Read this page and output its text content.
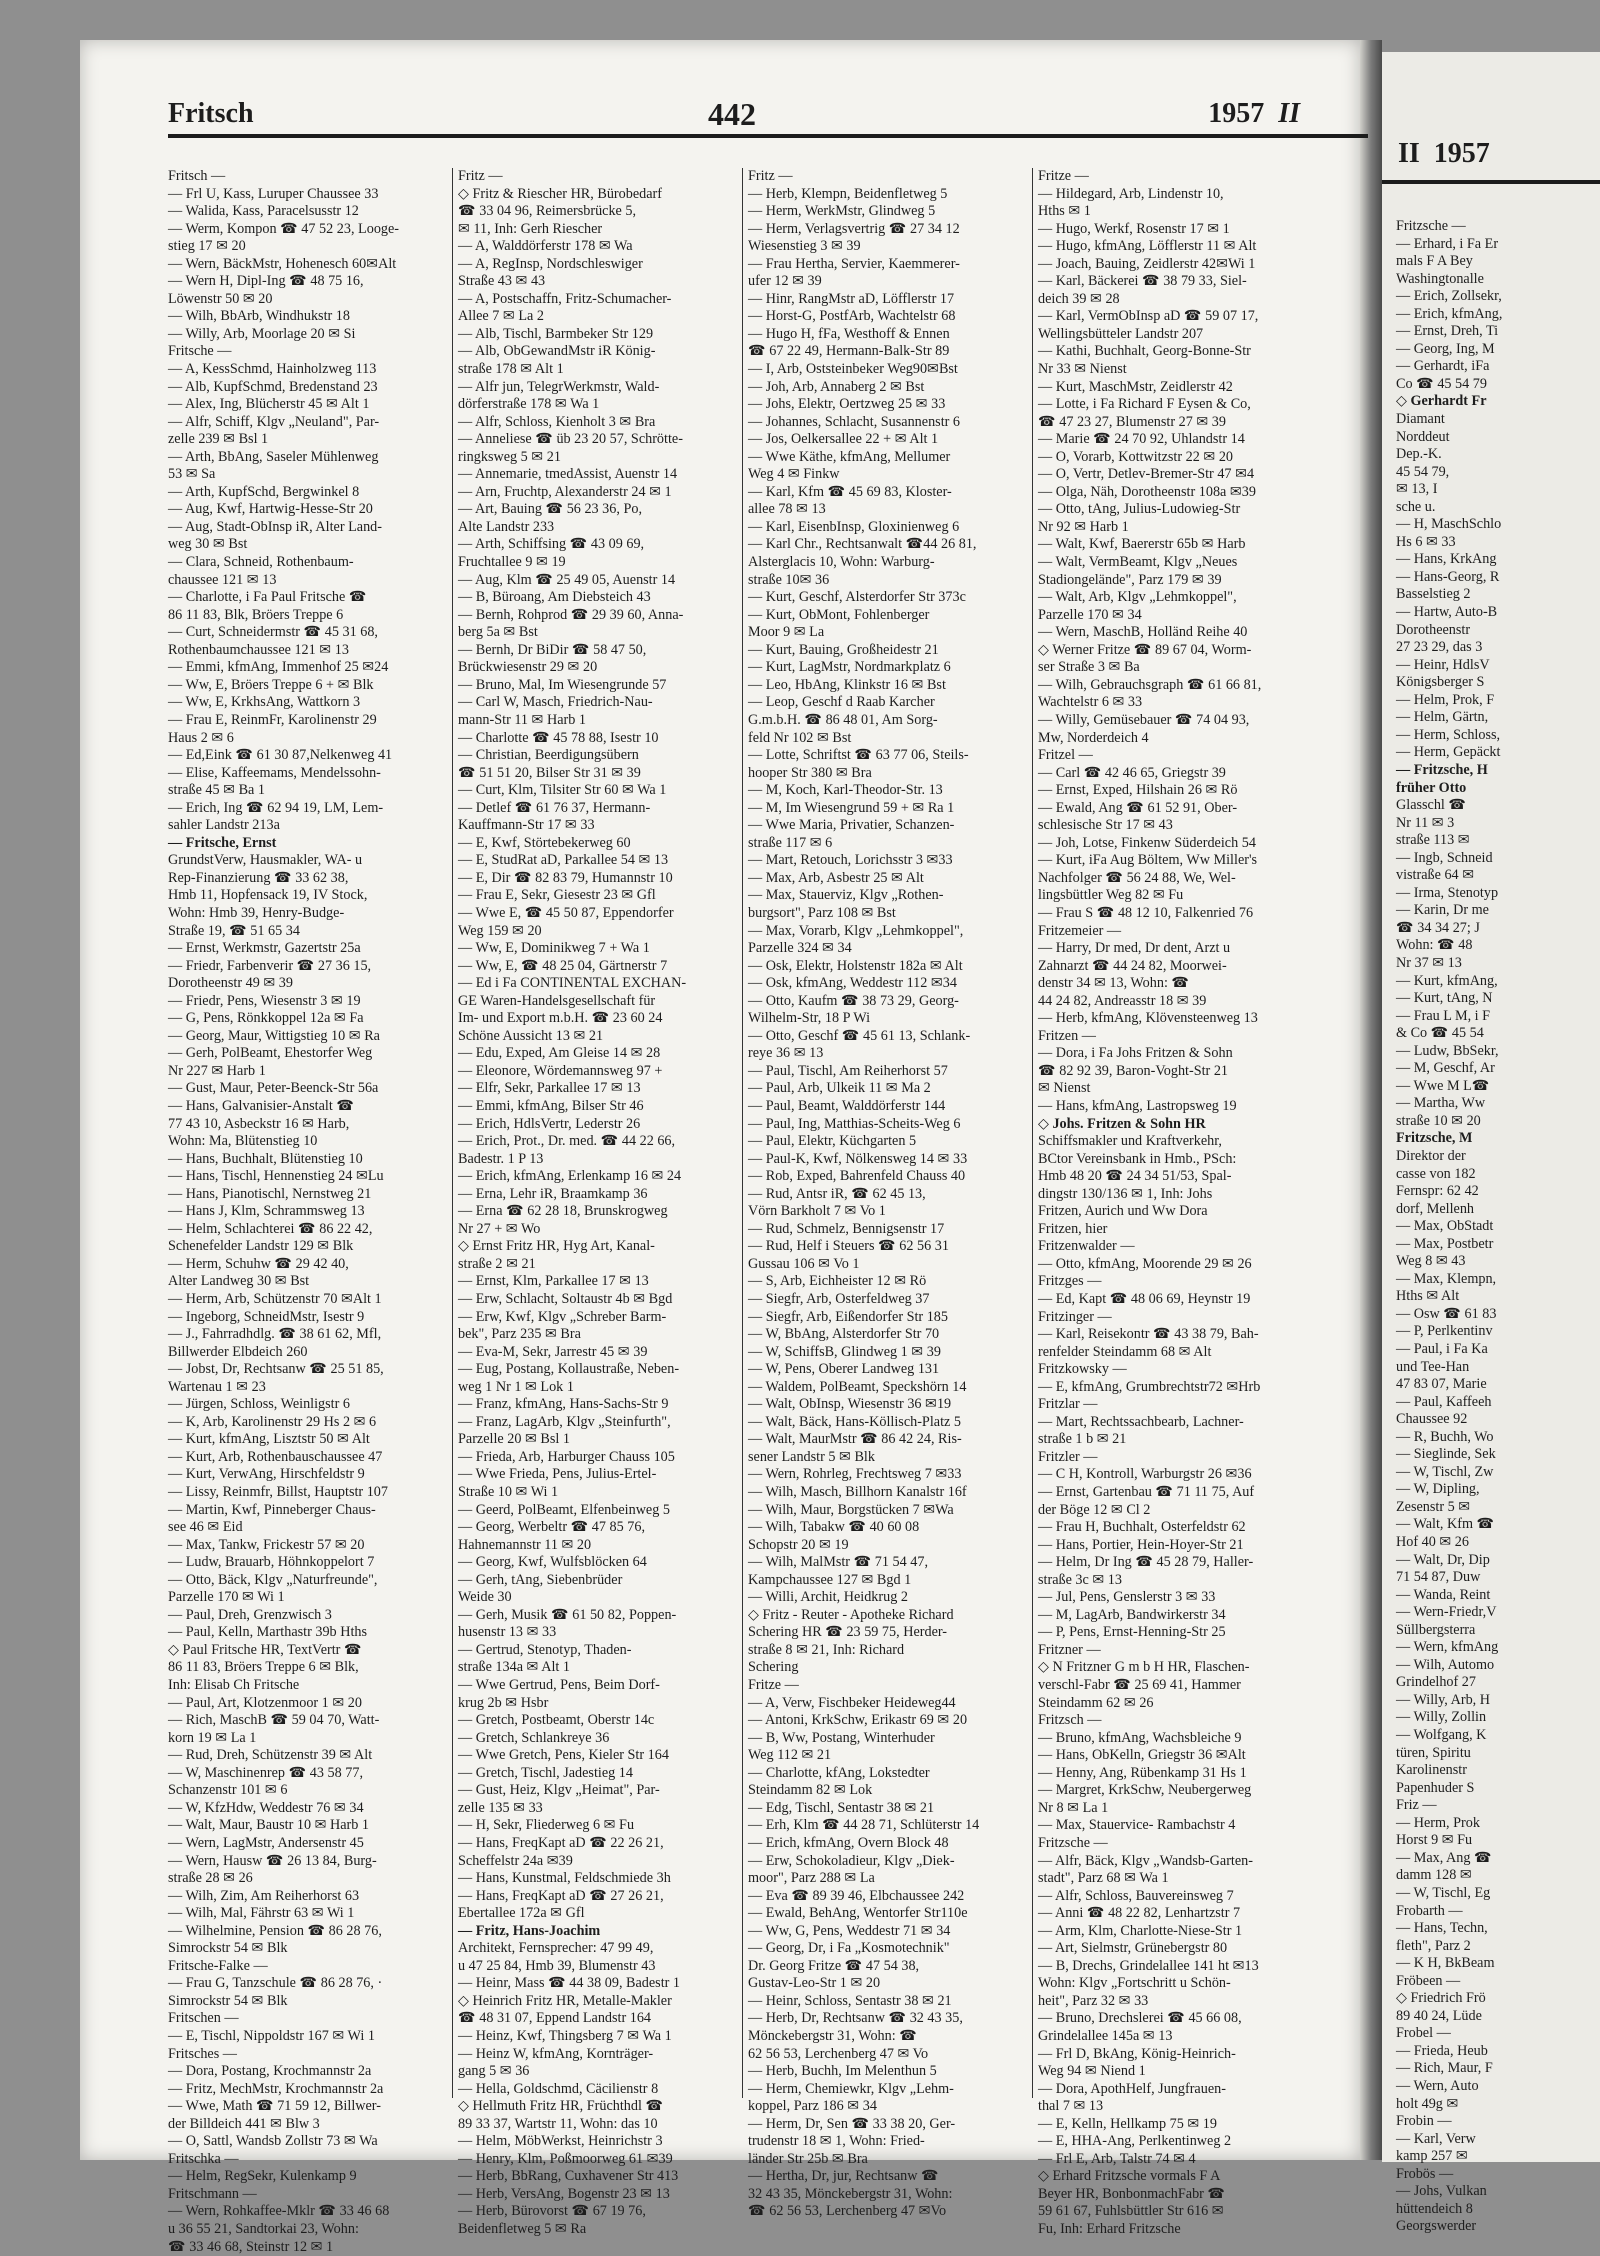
II 1957
Fritzsche —
— Erhard, i Fa Er
mals F A Bey
Washingtonalle
— Erich, Zollsekr,
— Erich, kfmAng,
— Ernst, Dreh, Ti
— Georg, Ing, M
— Gerhardt, iFa
Co ☎ 45 54 79
◇ Gerhardt Fr
Diamant
Norddeut
Dep.-K.
45 54 79,
✉ 13, I
sche u.
— H, MaschSchlo
Hs 6 ✉ 33
— Hans, KrkAng
— Hans-Georg, R
Basselstieg 2
— Hartw, Auto-B
Dorotheenstr
27 23 29, das 3
— Heinr, HdlsV
Königsberger S
— Helm, Prok, F
— Helm, Gärtn,
— Herm, Schloss,
— Herm, Gepäckt
— Fritzsche, H
früher Otto
Glasschl ☎
Nr 11 ✉ 3
straße 113 ✉
— Ingb, Schneid
vistraße 64 ✉
— Irma, Stenotyp
— Karin, Dr me
☎ 34 34 27; J
Wohn: ☎ 48
Nr 37 ✉ 13
— Kurt, kfmAng,
— Kurt, tAng, N
— Frau L M, i F
& Co ☎ 45 54
— Ludw, BbSekr,
— M, Geschf, Ar
— Wwe M L☎
— Martha, Ww
straße 10 ✉ 20
Fritzsche, M
Direktor der
casse von 182
Fernspr: 62 42
dorf, Mellenh
— Max, ObStadt
— Max, Postbetr
Weg 8 ✉ 43
— Max, Klempn,
Hths ✉ Alt
— Osw ☎ 61 83
— P, Perlkentinv
— Paul, i Fa Ka
und Tee-Han
47 83 07, Marie
— Paul, Kaffeeh
Chaussee 92
— R, Buchh, Wo
— Sieglinde, Sek
— W, Tischl, Zw
— W, Dipling,
Zesenstr 5 ✉
— Walt, Kfm ☎
Hof 40 ✉ 26
— Walt, Dr, Dip
71 54 87, Duw
— Wanda, Reint
— Wern-Friedr,V
Süllbergsterra
— Wern, kfmAng
— Wilh, Automo
Grindelhof 27
— Willy, Arb, H
— Willy, Zollin
— Wolfgang, K
türen, Spiritu
Karolinenstr
Papenhuder S
Friz —
— Herm, Prok
Horst 9 ✉ Fu
— Max, Ang ☎
damm 128 ✉
— W, Tischl, Eg
Frobarth —
— Hans, Techn,
fleth", Parz 2
— K H, BkBeam
Fröbeen —
◇ Friedrich Frö
89 40 24, Lüde
Frobel —
— Frieda, Heub
— Rich, Maur, F
— Wern, Auto
holt 49g ✉
Frobin —
— Karl, Verw
kamp 257 ✉
Frobös —
— Johs, Vulkan
hüttendeich 8
Georgswerder
Fritsch	442	1957 II
Fritsch —
— Frl U, Kass, Luruper Chaussee 33
— Walida, Kass, Paracelsusstr 12
— Werm, Kompon ☎ 47 52 23, Looge-
stieg 17 ✉ 20
— Wern, BäckMstr, Hohenesch 60✉Alt
— Wern H, Dipl-Ing ☎ 48 75 16,
Löwenstr 50 ✉ 20
— Wilh, BbArb, Windhukstr 18
— Willy, Arb, Moorlage 20 ✉ Si
Fritsche —
— A, KessSchmd, Hainholzweg 113
— Alb, KupfSchmd, Bredenstand 23
— Alex, Ing, Blücherstr 45 ✉ Alt 1
— Alfr, Schiff, Klgv „Neuland", Par-
zelle 239 ✉ Bsl 1
— Arth, BbAng, Saseler Mühlenweg
53 ✉ Sa
— Arth, KupfSchd, Bergwinkel 8
— Aug, Kwf, Hartwig-Hesse-Str 20
— Aug, Stadt-ObInsp iR, Alter Land-
weg 30 ✉ Bst
— Clara, Schneid, Rothenbaum-
chaussee 121 ✉ 13
— Charlotte, i Fa Paul Fritsche ☎
86 11 83, Blk, Bröers Treppe 6
— Curt, Schneidermstr ☎ 45 31 68,
Rothenbaumchaussee 121 ✉ 13
— Emmi, kfmAng, Immenhof 25 ✉24
— Ww, E, Bröers Treppe 6 + ✉ Blk
— Ww, E, KrkhsAng, Wattkorn 3
— Frau E, ReinmFr, Karolinenstr 29
Haus 2 ✉ 6
— Ed,Eink ☎ 61 30 87,Nelkenweg 41
— Elise, Kaffeemams, Mendelssohn-
straße 45 ✉ Ba 1
— Erich, Ing ☎ 62 94 19, LM, Lem-
sahler Landstr 213a
— Fritsche, Ernst
GrundstVerw, Hausmakler, WA- u
Rep-Finanzierung ☎ 33 62 38,
Hmb 11, Hopfensack 19, IV Stock,
Wohn: Hmb 39, Henry-Budge-
Straße 19, ☎ 51 65 34
— Ernst, Werkmstr, Gazertstr 25a
— Friedr, Farbenverir ☎ 27 36 15,
Dorotheenstr 49 ✉ 39
— Friedr, Pens, Wiesenstr 3 ✉ 19
— G, Pens, Rönkkoppel 12a ✉ Fa
— Georg, Maur, Wittigstieg 10 ✉ Ra
— Gerh, PolBeamt, Ehestorfer Weg
Nr 227 ✉ Harb 1
— Gust, Maur, Peter-Beenck-Str 56a
— Hans, Galvanisier-Anstalt ☎
77 43 10, Asbeckstr 16 ✉ Harb,
Wohn: Ma, Blütenstieg 10
— Hans, Buchhalt, Blütenstieg 10
— Hans, Tischl, Hennenstieg 24 ✉Lu
— Hans, Pianotischl, Nernstweg 21
— Hans J, Klm, Schrammsweg 13
— Helm, Schlachterei ☎ 86 22 42,
Schenefelder Landstr 129 ✉ Blk
— Herm, Schuhw ☎ 29 42 40,
Alter Landweg 30 ✉ Bst
— Herm, Arb, Schützenstr 70 ✉Alt 1
— Ingeborg, SchneidMstr, Isestr 9
— J., Fahrradhdlg. ☎ 38 61 62, Mfl,
Billwerder Elbdeich 260
— Jobst, Dr, Rechtsanw ☎ 25 51 85,
Wartenau 1 ✉ 23
— Jürgen, Schloss, Weinligstr 6
— K, Arb, Karolinenstr 29 Hs 2 ✉ 6
— Kurt, kfmAng, Lisztstr 50 ✉ Alt
— Kurt, Arb, Rothenbauschaussee 47
— Kurt, VerwAng, Hirschfeldstr 9
— Lissy, Reinmfr, Billst, Hauptstr 107
— Martin, Kwf, Pinneberger Chaus-
see 46 ✉ Eid
— Max, Tankw, Frickestr 57 ✉ 20
— Ludw, Brauarb, Höhnkoppelort 7
— Otto, Bäck, Klgv „Naturfreunde",
Parzelle 170 ✉ Wi 1
— Paul, Dreh, Grenzwisch 3
— Paul, Kelln, Marthastr 39b Hths
◇ Paul Fritsche HR, TextVertr ☎
86 11 83, Bröers Treppe 6 ✉ Blk,
Inh: Elisab Ch Fritsche
— Paul, Art, Klotzenmoor 1 ✉ 20
— Rich, MaschB ☎ 59 04 70, Watt-
korn 19 ✉ La 1
— Rud, Dreh, Schützenstr 39 ✉ Alt
— W, Maschinenrep ☎ 43 58 77,
Schanzenstr 101 ✉ 6
— W, KfzHdw, Weddestr 76 ✉ 34
— Walt, Maur, Baustr 10 ✉ Harb 1
— Wern, LagMstr, Andersenstr 45
— Wern, Hausw ☎ 26 13 84, Burg-
straße 28 ✉ 26
— Wilh, Zim, Am Reiherhorst 63
— Wilh, Mal, Fährstr 63 ✉ Wi 1
— Wilhelmine, Pension ☎ 86 28 76,
Simrockstr 54 ✉ Blk
Fritsche-Falke —
— Frau G, Tanzschule ☎ 86 28 76, ·
Simrockstr 54 ✉ Blk
Fritschen —
— E, Tischl, Nippoldstr 167 ✉ Wi 1
Fritsches —
— Dora, Postang, Krochmannstr 2a
— Fritz, MechMstr, Krochmannstr 2a
— Wwe, Math ☎ 71 59 12, Billwer-
der Billdeich 441 ✉ Blw 3
— O, Sattl, Wandsb Zollstr 73 ✉ Wa
Fritschka —
— Helm, RegSekr, Kulenkamp 9
Fritschmann —
— Wern, Rohkaffee-Mklr ☎ 33 46 68
u 36 55 21, Sandtorkai 23, Wohn:
☎ 33 46 68, Steinstr 12 ✉ 1
Fritz —
◇ Fritz & Riescher HR, Bürobedarf
☎ 33 04 96, Reimersbrücke 5,
✉ 11, Inh: Gerh Riescher
— A, Walddörferstr 178 ✉ Wa
— A, RegInsp, Nordschleswiger
Straße 43 ✉ 43
— A, Postschaffn, Fritz-Schumacher-
Allee 7 ✉ La 2
— Alb, Tischl, Barmbeker Str 129
— Alb, ObGewandMstr iR König-
straße 178 ✉ Alt 1
— Alfr jun, TelegrWerkmstr, Wald-
dörferstraße 178 ✉ Wa 1
— Alfr, Schloss, Kienholt 3 ✉ Bra
— Anneliese ☎ üb 23 20 57, Schrötte-
ringksweg 5 ✉ 21
— Annemarie, tmedAssist, Auenstr 14
— Arn, Fruchtp, Alexanderstr 24 ✉ 1
— Art, Bauing ☎ 56 23 36, Po,
Alte Landstr 233
— Arth, Schiffsing ☎ 43 09 69,
Fruchtallee 9 ✉ 19
— Aug, Klm ☎ 25 49 05, Auenstr 14
— B, Büroang, Am Diebsteich 43
— Bernh, Rohprod ☎ 29 39 60, Anna-
berg 5a ✉ Bst
— Bernh, Dr BiDir ☎ 58 47 50,
Brückwiesenstr 29 ✉ 20
— Bruno, Mal, Im Wiesengrunde 57
— Carl W, Masch, Friedrich-Nau-
mann-Str 11 ✉ Harb 1
— Charlotte ☎ 45 78 88, Isestr 10
— Christian, Beerdigungsübern
☎ 51 51 20, Bilser Str 31 ✉ 39
— Curt, Klm, Tilsiter Str 60 ✉ Wa 1
— Detlef ☎ 61 76 37, Hermann-
Kauffmann-Str 17 ✉ 33
— E, Kwf, Störtebekerweg 60
— E, StudRat aD, Parkallee 54 ✉ 13
— E, Dir ☎ 82 83 79, Humannstr 10
— Frau E, Sekr, Giesestr 23 ✉ Gfl
— Wwe E, ☎ 45 50 87, Eppendorfer
Weg 159 ✉ 20
— Ww, E, Dominikweg 7 + Wa 1
— Ww, E, ☎ 48 25 04, Gärtnerstr 7
— Ed i Fa CONTINENTAL EXCHAN-
GE Waren-Handelsgesellschaft für
Im- und Export m.b.H. ☎ 23 60 24
Schöne Aussicht 13 ✉ 21
— Edu, Exped, Am Gleise 14 ✉ 28
— Eleonore, Wördemannsweg 97 +
— Elfr, Sekr, Parkallee 17 ✉ 13
— Emmi, kfmAng, Bilser Str 46
— Erich, HdlsVertr, Lederstr 26
— Erich, Prot., Dr. med. ☎ 44 22 66,
Badestr. 1 P 13
— Erich, kfmAng, Erlenkamp 16 ✉ 24
— Erna, Lehr iR, Braamkamp 36
— Erna ☎ 62 28 18, Brunskrogweg
Nr 27 + ✉ Wo
◇ Ernst Fritz HR, Hyg Art, Kanal-
straße 2 ✉ 21
— Ernst, Klm, Parkallee 17 ✉ 13
— Erw, Schlacht, Soltaustr 4b ✉ Bgd
— Erw, Kwf, Klgv „Schreber Barm-
bek", Parz 235 ✉ Bra
— Eva-M, Sekr, Jarrestr 45 ✉ 39
— Eug, Postang, Kollaustraße, Neben-
weg 1 Nr 1 ✉ Lok 1
— Franz, kfmAng, Hans-Sachs-Str 9
— Franz, LagArb, Klgv „Steinfurth",
Parzelle 20 ✉ Bsl 1
— Frieda, Arb, Harburger Chauss 105
— Wwe Frieda, Pens, Julius-Ertel-
Straße 10 ✉ Wi 1
— Geerd, PolBeamt, Elfenbeinweg 5
— Georg, Werbeltr ☎ 47 85 76,
Hahnemannstr 11 ✉ 20
— Georg, Kwf, Wulfsblöcken 64
— Gerh, tAng, Siebenbrüder
Weide 30
— Gerh, Musik ☎ 61 50 82, Poppen-
husenstr 13 ✉ 33
— Gertrud, Stenotyp, Thaden-
straße 134a ✉ Alt 1
— Wwe Gertrud, Pens, Beim Dorf-
krug 2b ✉ Hsbr
— Gretch, Postbeamt, Oberstr 14c
— Gretch, Schlankreye 36
— Wwe Gretch, Pens, Kieler Str 164
— Gretch, Tischl, Jadestieg 14
— Gust, Heiz, Klgv „Heimat", Par-
zelle 135 ✉ 33
— H, Sekr, Fliederweg 6 ✉ Fu
— Hans, FreqKapt aD ☎ 22 26 21,
Scheffelstr 24a ✉39
— Hans, Kunstmal, Feldschmiede 3h
— Hans, FreqKapt aD ☎ 27 26 21,
Ebertallee 172a ✉ Gfl
— Fritz, Hans-Joachim
Architekt, Fernsprecher: 47 99 49,
u 47 25 84, Hmb 39, Blumenstr 43
— Heinr, Mass ☎ 44 38 09, Badestr 1
◇ Heinrich Fritz HR, Metalle-Makler
☎ 48 31 07, Eppend Landstr 164
— Heinz, Kwf, Thingsberg 7 ✉ Wa 1
— Heinz W, kfmAng, Kornträger-
gang 5 ✉ 36
— Hella, Goldschmd, Cäcilienstr 8
◇ Hellmuth Fritz HR, Früchthdl ☎
89 33 37, Wartstr 11, Wohn: das 10
— Helm, MöbWerkst, Heinrichstr 3
— Henry, Klm, Poßmoorweg 61 ✉39
— Herb, BbRang, Cuxhavener Str 413
— Herb, VersAng, Bogenstr 23 ✉ 13
— Herb, Bürovorst ☎ 67 19 76,
Beidenfletweg 5 ✉ Ra
Fritz —
— Herb, Klempn, Beidenfletweg 5
— Herm, WerkMstr, Glindweg 5
— Herm, Verlagsvertrig ☎ 27 34 12
Wiesenstieg 3 ✉ 39
— Frau Hertha, Servier, Kaemmerer-
ufer 12 ✉ 39
— Hinr, RangMstr aD, Löfflerstr 17
— Horst-G, PostfArb, Wachtelstr 68
— Hugo H, fFa, Westhoff & Ennen
☎ 67 22 49, Hermann-Balk-Str 89
— I, Arb, Oststeinbeker Weg90✉Bst
— Joh, Arb, Annaberg 2 ✉ Bst
— Johs, Elektr, Oertzweg 25 ✉ 33
— Johannes, Schlacht, Susannenstr 6
— Jos, Oelkersallee 22 + ✉ Alt 1
— Wwe Käthe, kfmAng, Mellumer
Weg 4 ✉ Finkw
— Karl, Kfm ☎ 45 69 83, Kloster-
allee 78 ✉ 13
— Karl, EisenbInsp, Gloxinienweg 6
— Karl Chr., Rechtsanwalt ☎44 26 81,
Alsterglacis 10, Wohn: Warburg-
straße 10✉ 36
— Kurt, Geschf, Alsterdorfer Str 373c
— Kurt, ObMont, Fohlenberger
Moor 9 ✉ La
— Kurt, Bauing, Großheidestr 21
— Kurt, LagMstr, Nordmarkplatz 6
— Leo, HbAng, Klinkstr 16 ✉ Bst
— Leop, Geschf d Raab Karcher
G.m.b.H. ☎ 86 48 01, Am Sorg-
feld Nr 102 ✉ Bst
— Lotte, Schriftst ☎ 63 77 06, Steils-
hooper Str 380 ✉ Bra
— M, Koch, Karl-Theodor-Str. 13
— M, Im Wiesengrund 59 + ✉ Ra 1
— Wwe Maria, Privatier, Schanzen-
straße 117 ✉ 6
— Mart, Retouch, Lorichsstr 3 ✉33
— Max, Arb, Asbestr 25 ✉ Alt
— Max, Stauerviz, Klgv „Rothen-
burgsort", Parz 108 ✉ Bst
— Max, Vorarb, Klgv „Lehmkoppel",
Parzelle 324 ✉ 34
— Osk, Elektr, Holstenstr 182a ✉ Alt
— Osk, kfmAng, Weddestr 112 ✉34
— Otto, Kaufm ☎ 38 73 29, Georg-
Wilhelm-Str, 18 P Wi
— Otto, Geschf ☎ 45 61 13, Schlank-
reye 36 ✉ 13
— Paul, Tischl, Am Reiherhorst 57
— Paul, Arb, Ulkeik 11 ✉ Ma 2
— Paul, Beamt, Walddörferstr 144
— Paul, Ing, Matthias-Scheits-Weg 6
— Paul, Elektr, Küchgarten 5
— Paul-K, Kwf, Nölkensweg 14 ✉ 33
— Rob, Exped, Bahrenfeld Chauss 40
— Rud, Antsr iR, ☎ 62 45 13,
Vörn Barkholt 7 ✉ Vo 1
— Rud, Schmelz, Bennigsenstr 17
— Rud, Helf i Steuers ☎ 62 56 31
Gussau 106 ✉ Vo 1
— S, Arb, Eichheister 12 ✉ Rö
— Siegfr, Arb, Osterfeldweg 37
— Siegfr, Arb, Eißendorfer Str 185
— W, BbAng, Alsterdorfer Str 70
— W, SchiffsB, Glindweg 1 ✉ 39
— W, Pens, Oberer Landweg 131
— Waldem, PolBeamt, Speckshörn 14
— Walt, ObInsp, Wiesenstr 36 ✉19
— Walt, Bäck, Hans-Köllisch-Platz 5
— Walt, MaurMstr ☎ 86 42 24, Ris-
sener Landstr 5 ✉ Blk
— Wern, Rohrleg, Frechtsweg 7 ✉33
— Wilh, Masch, Billhorn Kanalstr 16f
— Wilh, Maur, Borgstücken 7 ✉Wa
— Wilh, Tabakw ☎ 40 60 08
Schopstr 20 ✉ 19
— Wilh, MalMstr ☎ 71 54 47,
Kampchaussee 127 ✉ Bgd 1
— Willi, Archit, Heidkrug 2
◇ Fritz - Reuter - Apotheke Richard
Schering HR ☎ 23 59 75, Herder-
straße 8 ✉ 21, Inh: Richard
Schering
Fritze —
— A, Verw, Fischbeker Heideweg44
— Antoni, KrkSchw, Erikastr 69 ✉ 20
— B, Ww, Postang, Winterhuder
Weg 112 ✉ 21
— Charlotte, kfAng, Lokstedter
Steindamm 82 ✉ Lok
— Edg, Tischl, Sentastr 38 ✉ 21
— Erh, Klm ☎ 44 28 71, Schlüterstr 14
— Erich, kfmAng, Overn Block 48
— Erw, Schokoladieur, Klgv „Diek-
moor", Parz 288 ✉ La
— Eva ☎ 89 39 46, Elbchaussee 242
— Ewald, BehAng, Wentorfer Str110e
— Ww, G, Pens, Weddestr 71 ✉ 34
— Georg, Dr, i Fa „Kosmotechnik"
Dr. Georg Fritze ☎ 47 54 38,
Gustav-Leo-Str 1 ✉ 20
— Heinr, Schloss, Sentastr 38 ✉ 21
— Herb, Dr, Rechtsanw ☎ 32 43 35,
Mönckebergstr 31, Wohn: ☎
62 56 53, Lerchenberg 47 ✉ Vo
— Herb, Buchh, Im Melenthun 5
— Herm, Chemiewkr, Klgv „Lehm-
koppel, Parz 186 ✉ 34
— Herm, Dr, Sen ☎ 33 38 20, Ger-
trudenstr 18 ✉ 1, Wohn: Fried-
länder Str 25b ✉ Bra
— Hertha, Dr, jur, Rechtsanw ☎
32 43 35, Mönckebergstr 31, Wohn:
☎ 62 56 53, Lerchenberg 47 ✉Vo
Fritze —
— Hildegard, Arb, Lindenstr 10,
Hths ✉ 1
— Hugo, Werkf, Rosenstr 17 ✉ 1
— Hugo, kfmAng, Löfflerstr 11 ✉ Alt
— Joach, Bauing, Zeidlerstr 42✉Wi 1
— Karl, Bäckerei ☎ 38 79 33, Siel-
deich 39 ✉ 28
— Karl, VermObInsp aD ☎ 59 07 17,
Wellingsbütteler Landstr 207
— Kathi, Buchhalt, Georg-Bonne-Str
Nr 33 ✉ Nienst
— Kurt, MaschMstr, Zeidlerstr 42
— Lotte, i Fa Richard F Eysen & Co,
☎ 47 23 27, Blumenstr 27 ✉ 39
— Marie ☎ 24 70 92, Uhlandstr 14
— O, Vorarb, Kottwitzstr 22 ✉ 20
— O, Vertr, Detlev-Bremer-Str 47 ✉4
— Olga, Näh, Dorotheenstr 108a ✉39
— Otto, tAng, Julius-Ludowieg-Str
Nr 92 ✉ Harb 1
— Walt, Kwf, Baererstr 65b ✉ Harb
— Walt, VermBeamt, Klgv „Neues
Stadiongelände", Parz 179 ✉ 39
— Walt, Arb, Klgv „Lehmkoppel",
Parzelle 170 ✉ 34
— Wern, MaschB, Holländ Reihe 40
◇ Werner Fritze ☎ 89 67 04, Worm-
ser Straße 3 ✉ Ba
— Wilh, Gebrauchsgraph ☎ 61 66 81,
Wachtelstr 6 ✉ 33
— Willy, Gemüsebauer ☎ 74 04 93,
Mw, Norderdeich 4
Fritzel —
— Carl ☎ 42 46 65, Griegstr 39
— Ernst, Exped, Hilshain 26 ✉ Rö
— Ewald, Ang ☎ 61 52 91, Ober-
schlesische Str 17 ✉ 43
— Joh, Lotse, Finkenw Süderdeich 54
— Kurt, iFa Aug Böltem, Ww Miller's
Nachfolger ☎ 56 24 88, We, Wel-
lingsbüttler Weg 82 ✉ Fu
— Frau S ☎ 48 12 10, Falkenried 76
Fritzemeier —
— Harry, Dr med, Dr dent, Arzt u
Zahnarzt ☎ 44 24 82, Moorwei-
denstr 34 ✉ 13, Wohn: ☎
44 24 82, Andreasstr 18 ✉ 39
— Herb, kfmAng, Klövensteenweg 13
Fritzen —
— Dora, i Fa Johs Fritzen & Sohn
☎ 82 92 39, Baron-Voght-Str 21
✉ Nienst
— Hans, kfmAng, Lastropsweg 19
◇ Johs. Fritzen & Sohn HR
Schiffsmakler und Kraftverkehr,
BCtor Vereinsbank in Hmb., PSch:
Hmb 48 20 ☎ 24 34 51/53, Spal-
dingstr 130/136 ✉ 1, Inh: Johs
Fritzen, Aurich und Ww Dora
Fritzen, hier
Fritzenwalder —
— Otto, kfmAng, Moorende 29 ✉ 26
Fritzges —
— Ed, Kapt ☎ 48 06 69, Heynstr 19
Fritzinger —
— Karl, Reisekontr ☎ 43 38 79, Bah-
renfelder Steindamm 68 ✉ Alt
Fritzkowsky —
— E, kfmAng, Grumbrechtstr72 ✉Hrb
Fritzlar —
— Mart, Rechtssachbearb, Lachner-
straße 1 b ✉ 21
Fritzler —
— C H, Kontroll, Warburgstr 26 ✉36
— Ernst, Gartenbau ☎ 71 11 75, Auf
der Böge 12 ✉ Cl 2
— Frau H, Buchhalt, Osterfeldstr 62
— Hans, Portier, Hein-Hoyer-Str 21
— Helm, Dr Ing ☎ 45 28 79, Haller-
straße 3c ✉ 13
— Jul, Pens, Genslerstr 3 ✉ 33
— M, LagArb, Bandwirkerstr 34
— P, Pens, Ernst-Henning-Str 25
Fritzner —
◇ N Fritzner G m b H HR, Flaschen-
verschl-Fabr ☎ 25 69 41, Hammer
Steindamm 62 ✉ 26
Fritzsch —
— Bruno, kfmAng, Wachsbleiche 9
— Hans, ObKelln, Griegstr 36 ✉Alt
— Henny, Ang, Rübenkamp 31 Hs 1
— Margret, KrkSchw, Neubergerweg
Nr 8 ✉ La 1
— Max, Stauervice- Rambachstr 4
Fritzsche —
— Alfr, Bäck, Klgv „Wandsb-Garten-
stadt", Parz 68 ✉ Wa 1
— Alfr, Schloss, Bauvereinsweg 7
— Anni ☎ 48 22 82, Lenhartzstr 7
— Arm, Klm, Charlotte-Niese-Str 1
— Art, Sielmstr, Grünebergstr 80
— B, Drechs, Grindelallee 141 ht ✉13
Wohn: Klgv „Fortschritt u Schön-
heit", Parz 32 ✉ 33
— Bruno, Drechslerei ☎ 45 66 08,
Grindelallee 145a ✉ 13
— Frl D, BkAng, König-Heinrich-
Weg 94 ✉ Niend 1
— Dora, ApothHelf, Jungfrauen-
thal 7 ✉ 13
— E, Kelln, Hellkamp 75 ✉ 19
— E, HHA-Ang, Perlkentinweg 2
— Frl E, Arb, Talstr 74 ✉ 4
◇ Erhard Fritzsche vormals F A
Beyer HR, BonbonmachFabr ☎
59 61 67, Fuhlsbüttler Str 616 ✉
Fu, Inh: Erhard Fritzsche
